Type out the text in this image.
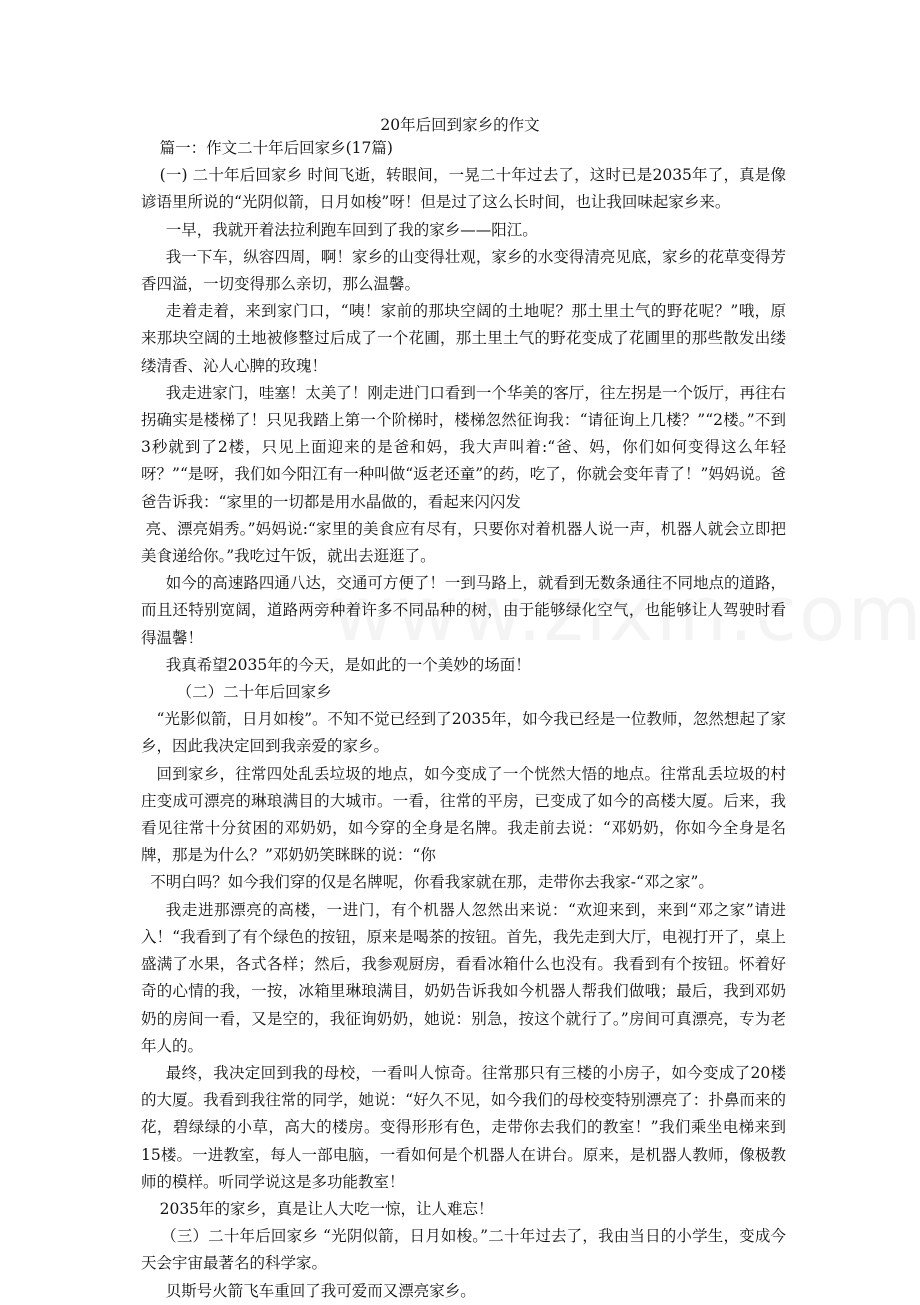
20年后回到家乡的作文

篇一：作文二十年后回家乡(17篇)

(一) 二十年后回家乡 时间飞逝，转眼间，一晃二十年过去了，这时已是2035年了，真是像谚语里所说的“光阴似箭，日月如梭”呀！但是过了这么长时间，也让我回味起家乡来。

一早，我就开着法拉利跑车回到了我的家乡——阳江。

我一下车，纵容四周，啊！家乡的山变得壮观，家乡的水变得清亮见底，家乡的花草变得芳香四溢，一切变得那么亲切，那么温馨。

走着走着，来到家门口，“咦！家前的那块空阔的土地呢？那土里土气的野花呢？”哦，原来那块空阔的土地被修整过后成了一个花圃，那土里土气的野花变成了花圃里的那些散发出缕缕清香、沁人心脾的玫瑰！

我走进家门，哇塞！太美了！刚走进门口看到一个华美的客厅，往左拐是一个饭厅，再往右拐确实是楼梯了！只见我踏上第一个阶梯时，楼梯忽然征询我：“请征询上几楼？”“2楼。”不到3秒就到了2楼，只见上面迎来的是爸和妈，我大声叫着:“爸、妈，你们如何变得这么年轻呀？”“是呀，我们如今阳江有一种叫做“返老还童”的药，吃了，你就会变年青了！”妈妈说。爸爸告诉我：“家里的一切都是用水晶做的，看起来闪闪发

亮、漂亮娟秀。”妈妈说:“家里的美食应有尽有，只要你对着机器人说一声，机器人就会立即把美食递给你。”我吃过午饭，就出去逛逛了。

如今的高速路四通八达，交通可方便了！一到马路上，就看到无数条通往不同地点的道路，而且还特别宽阔，道路两旁种着许多不同品种的树，由于能够绿化空气，也能够让人驾驶时看得温馨！

我真希望2035年的今天，是如此的一个美妙的场面！

（二）二十年后回家乡

“光影似箭，日月如梭”。不知不觉已经到了2035年，如今我已经是一位教师，忽然想起了家乡，因此我决定回到我亲爱的家乡。

回到家乡，往常四处乱丢垃圾的地点，如今变成了一个恍然大悟的地点。往常乱丢垃圾的村庄变成可漂亮的琳琅满目的大城市。一看，往常的平房，已变成了如今的高楼大厦。后来，我看见往常十分贫困的邓奶奶，如今穿的全身是名牌。我走前去说：“邓奶奶，你如今全身是名牌，那是为什么？”邓奶奶笑眯眯的说：“你

不明白吗？如今我们穿的仅是名牌呢，你看我家就在那，走带你去我家-“邓之家”。

我走进那漂亮的高楼，一进门，有个机器人忽然出来说：“欢迎来到，来到“邓之家”请进入！“我看到了有个绿色的按钮，原来是喝茶的按钮。首先，我先走到大厅，电视打开了，桌上盛满了水果，各式各样；然后，我参观厨房，看看冰箱什么也没有。我看到有个按钮。怀着好奇的心情的我，一按，冰箱里琳琅满目，奶奶告诉我如今机器人帮我们做哦；最后，我到邓奶奶的房间一看，又是空的，我征询奶奶，她说：别急，按这个就行了。”房间可真漂亮，专为老年人的。

最终，我决定回到我的母校，一看叫人惊奇。往常那只有三楼的小房子，如今变成了20楼的大厦。我看到我往常的同学，她说：“好久不见，如今我们的母校变特别漂亮了：扑鼻而来的花，碧绿绿的小草，高大的楼房。变得形形有色，走带你去我们的教室！”我们乘坐电梯来到15楼。一进教室，每人一部电脑，一看如何是个机器人在讲台。原来，是机器人教师，像极教师的模样。听同学说这是多功能教室！

2035年的家乡，真是让人大吃一惊，让人难忘！

（三）二十年后回家乡 “光阴似箭，日月如梭。”二十年过去了，我由当日的小学生，变成今天会宇宙最著名的科学家。

贝斯号火箭飞车重回了我可爱而又漂亮家乡。
